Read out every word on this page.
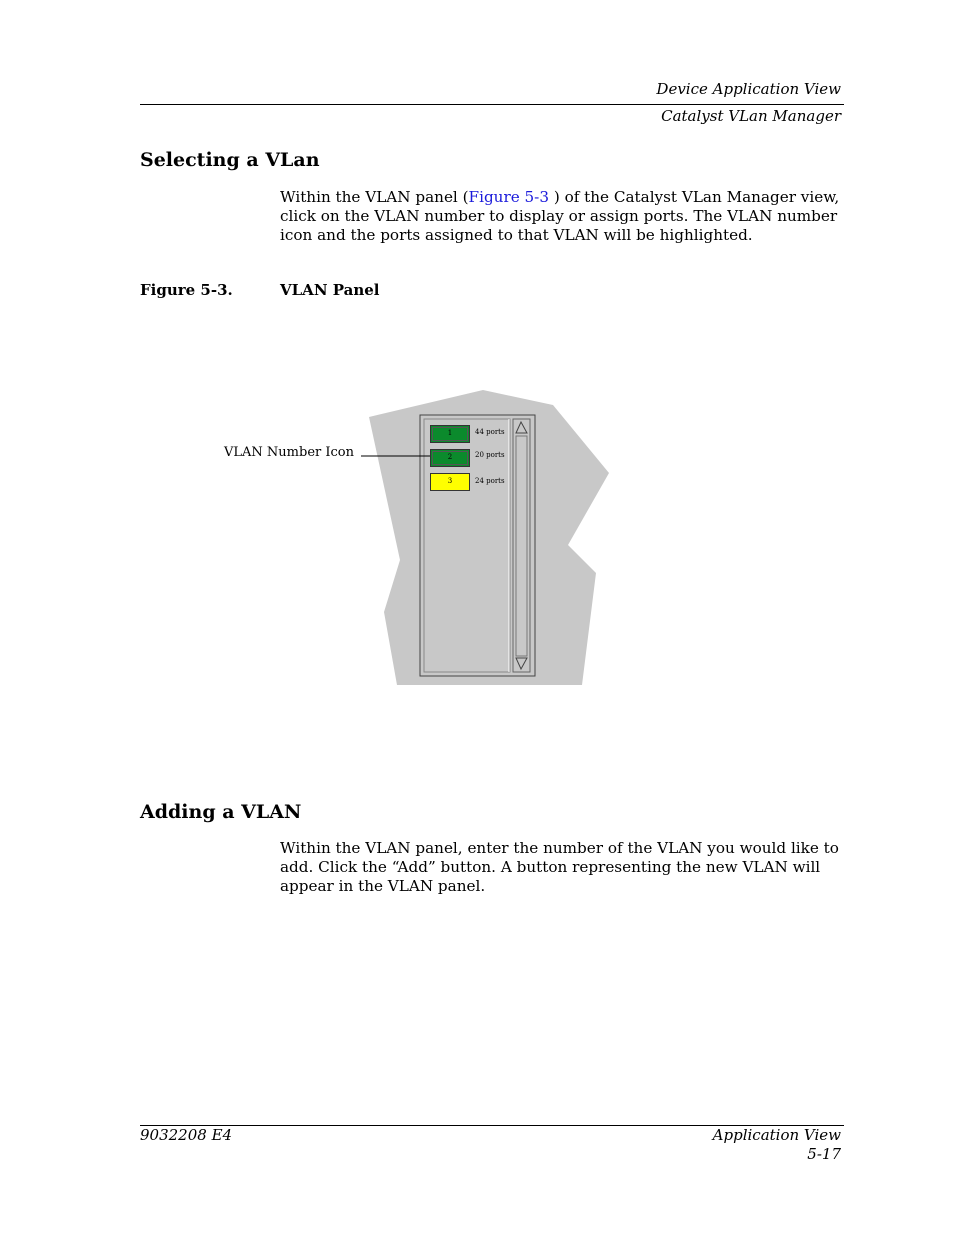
Device Application View
Catalyst VLan Manager
Selecting a VLan
Within the VLAN panel (Figure 5-3 ) of the Catalyst VLan Manager view, click on the VLAN number to display or assign ports. The VLAN number icon and the ports assigned to that VLAN will be highlighted.
Figure 5-3.	VLAN Panel
1	44 ports
2	20 ports
3	24 ports
VLAN Number Icon
Adding a VLAN
Within the VLAN panel, enter the number of the VLAN you would like to add. Click the “Add” button. A button representing the new VLAN will appear in the VLAN panel.
9032208 E4	Application View
5-17
